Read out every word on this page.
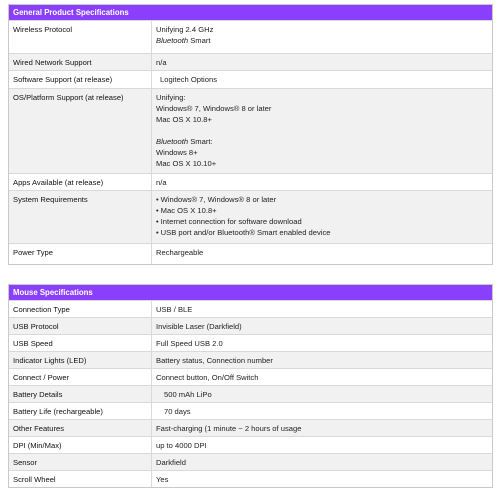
General Product Specifications
Wireless Protocol	Unifying 2.4 GHz
Bluetooth Smart
Wired Network Support	n/a
Software Support (at release)	Logitech Options
OS/Platform Support (at release)	Unifying:
Windows® 7, Windows® 8 or later
Mac OS X 10.8+
Bluetooth Smart:
Windows 8+
Mac OS X 10.10+
Apps Available (at release)	n/a
System Requirements
•	Windows® 7, Windows® 8 or later
• Mac OS X 10.8+
• Internet connection for software download
• USB port and/or Bluetooth® Smart enabled device
Power Type	Rechargeable
Mouse Specifications
Connection Type	USB / BLE
USB Protocol	Invisible Laser (Darkfield)
USB Speed	Full Speed USB 2.0
Indicator Lights (LED)	Battery status, Connection number
Connect / Power	Connect button, On/Off Switch
Battery Details	500 mAh LiPo
Battery Life (rechargeable)	70 days
Other Features	Fast-charging (1 minute ~ 2 hours of usage
DPI (Min/Max)	up to 4000 DPI
Sensor	Darkfield
Scroll Wheel	Yes
